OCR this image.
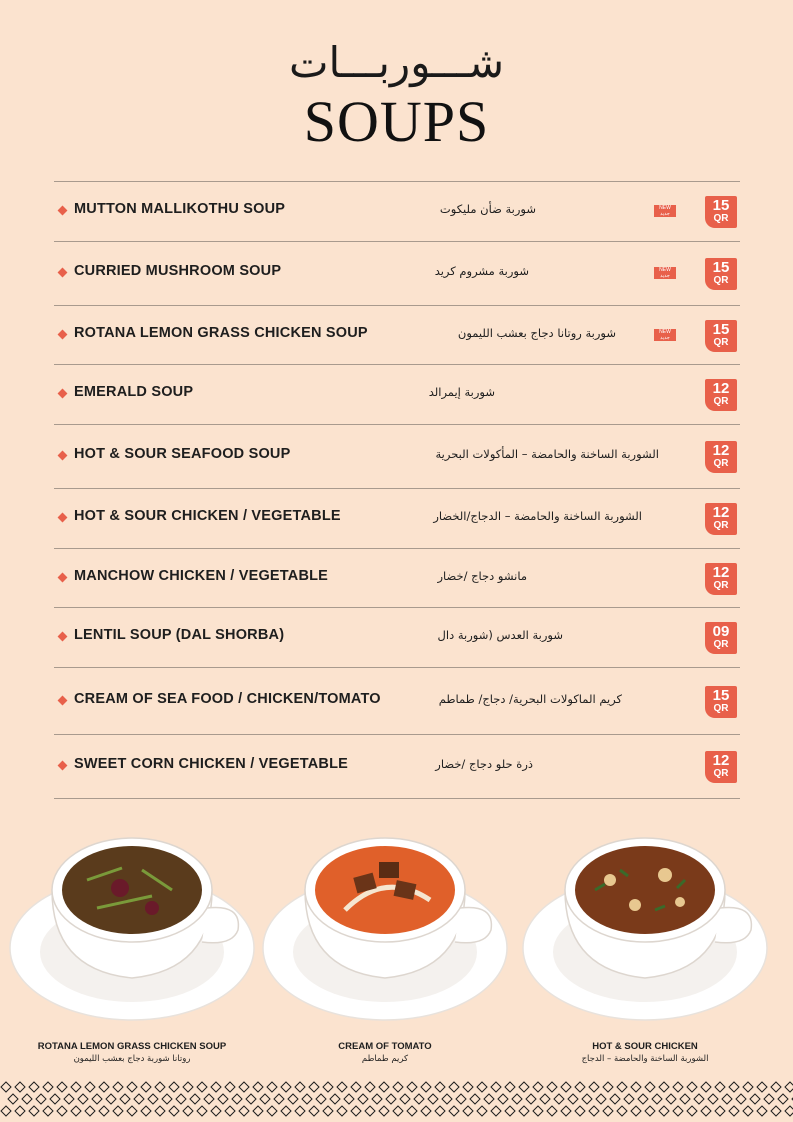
شـــوربـــات
SOUPS
MUTTON MALLIKOTHU SOUP	شوربة ضأن مليكوت	NEW
جديد	15
QR
CURRIED MUSHROOM SOUP	شوربة مشروم كريد	NEW
جديد	15
QR
ROTANA LEMON GRASS CHICKEN SOUP	شوربة روتانا دجاج بعشب الليمون	NEW
جديد	15
QR
EMERALD SOUP	شوربة إيمرالد	12
QR
HOT & SOUR SEAFOOD SOUP	الشوربة الساخنة والحامضة – المأكولات البحرية	12
QR
HOT & SOUR CHICKEN / VEGETABLE	الشوربة الساخنة والحامضة – الدجاج/الخضار	12
QR
MANCHOW CHICKEN / VEGETABLE	مانشو دجاج /خضار	12
QR
LENTIL SOUP (DAL SHORBA)	شوربة العدس (شوربة دال	09
QR
CREAM OF SEA FOOD / CHICKEN/TOMATO	كريم الماكولات البحرية/ دجاج/ طماطم	15
QR
SWEET CORN CHICKEN / VEGETABLE	ذرة حلو دجاج /خضار	12
QR
ROTANA LEMON GRASS CHICKEN SOUP
روتانا شوربة دجاج بعشب الليمون
CREAM OF TOMATO
كريم طماطم
HOT & SOUR CHICKEN
الشوربة الساخنة والحامضة – الدجاج
